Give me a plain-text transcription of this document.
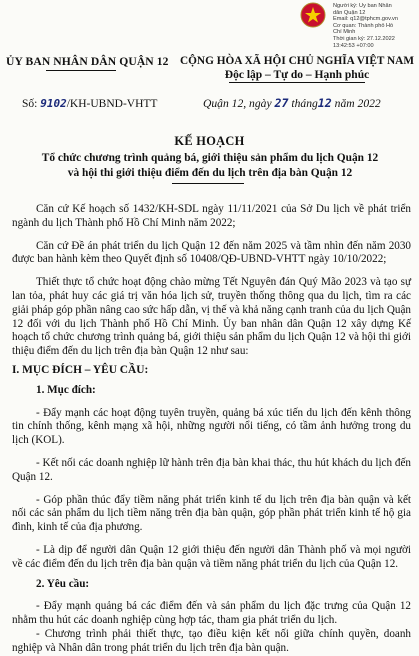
Người ký: Ủy ban Nhân
dân Quận 12
Email: q12@tphcm.gov.vn
Cơ quan: Thành phố Hồ
Chí Minh
Thời gian ký: 27.12.2022
13:42:53 +07:00
ỦY BAN NHÂN DÂN QUẬN 12
Số: 9102/KH-UBND-VHTT
CỘNG HÒA XÃ HỘI CHỦ NGHĨA VIỆT NAM
Độc lập – Tự do – Hạnh phúc
Quận 12, ngày 27 tháng12 năm 2022
KẾ HOẠCH
Tổ chức chương trình quảng bá, giới thiệu sản phẩm du lịch Quận 12
và hội thi giới thiệu điểm đến du lịch trên địa bàn Quận 12

Căn cứ Kế hoạch số 1432/KH-SDL ngày 11/11/2021 của Sở Du lịch về phát triển ngành du lịch Thành phố Hồ Chí Minh năm 2022;

Căn cứ Đề án phát triển du lịch Quận 12 đến năm 2025 và tầm nhìn đến năm 2030 được ban hành kèm theo Quyết định số 10408/QĐ-UBND-VHTT ngày 10/10/2022;

Thiết thực tổ chức hoạt động chào mừng Tết Nguyên đán Quý Mão 2023 và tạo sự lan tỏa, phát huy các giá trị văn hóa lịch sử, truyền thống thông qua du lịch, tìm ra các giải pháp góp phần nâng cao sức hấp dẫn, vị thế và khả năng cạnh tranh của du lịch Quận 12 đối với du lịch Thành phố Hồ Chí Minh. Ủy ban nhân dân Quận 12 xây dựng Kế hoạch tổ chức chương trình quảng bá, giới thiệu sản phẩm du lịch Quận 12 và hội thi giới thiệu điểm đến du lịch trên địa bàn Quận 12 như sau:

I. MỤC ĐÍCH – YÊU CẦU:

1. Mục đích:

- Đẩy mạnh các hoạt động tuyên truyền, quảng bá xúc tiến du lịch đến kênh thông tin chính thống, kênh mạng xã hội, những người nổi tiếng, có tầm ảnh hưởng trong du lịch (KOL).

- Kết nối các doanh nghiệp lữ hành trên địa bàn khai thác, thu hút khách du lịch đến Quận 12.

- Góp phần thúc đẩy tiềm năng phát triển kinh tế du lịch trên địa bàn quận và kết nối các sản phẩm du lịch tiềm năng trên địa bàn quận, góp phần phát triển kinh tế hộ gia đình, kinh tế của địa phương.

- Là dịp để người dân Quận 12 giới thiệu đến người dân Thành phố và mọi người về các điểm đến du lịch trên địa bàn quận và tiềm năng phát triển du lịch của Quận 12.

2. Yêu cầu:

- Đẩy mạnh quảng bá các điểm đến và sản phẩm du lịch đặc trưng của Quận 12 nhằm thu hút các doanh nghiệp cùng hợp tác, tham gia phát triển du lịch.

- Chương trình phải thiết thực, tạo điều kiện kết nối giữa chính quyền, doanh nghiệp và Nhân dân trong phát triển du lịch trên địa bàn quận.
